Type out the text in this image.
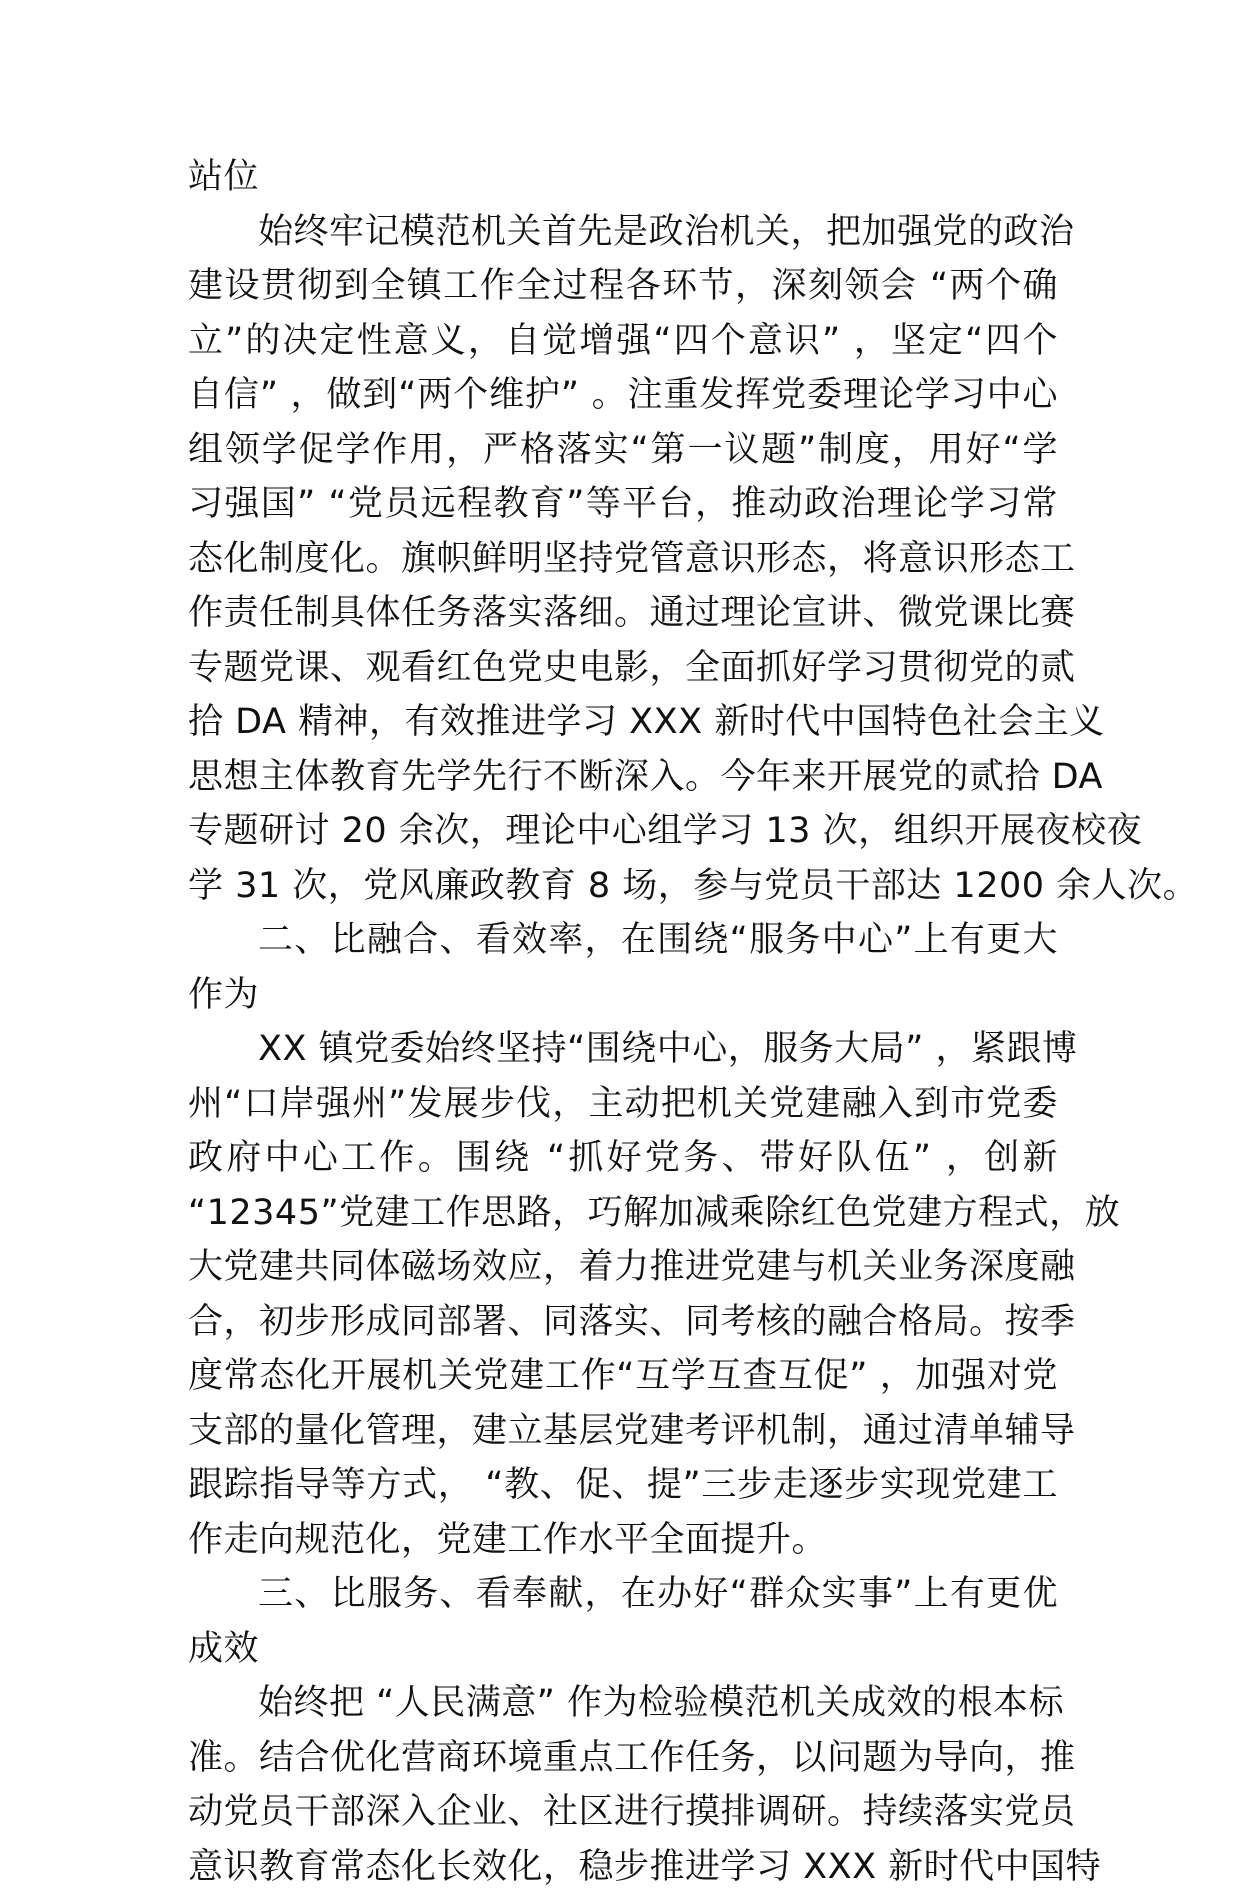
站位
始终牢记模范机关首先是政治机关，把加强党的政治
建设贯彻到全镇工作全过程各环节，深刻领会 “两个确
立”的决定性意义，自觉增强“四个意识” ，坚定“四个
自信” ，做到“两个维护” 。注重发挥党委理论学习中心
组领学促学作用，严格落实“第一议题”制度，用好“学
习强国” “党员远程教育”等平台，推动政治理论学习常
态化制度化。旗帜鲜明坚持党管意识形态，将意识形态工
作责任制具体任务落实落细。通过理论宣讲、微党课比赛
专题党课、观看红色党史电影，全面抓好学习贯彻党的贰
拾 DA 精神，有效推进学习 XXX 新时代中国特色社会主义
思想主体教育先学先行不断深入。今年来开展党的贰拾 DA
专题研讨 20 余次，理论中心组学习 13 次，组织开展夜校夜
学 31 次，党风廉政教育 8 场，参与党员干部达 1200 余人次。
二、比融合、看效率，在围绕“服务中心”上有更大
作为
XX 镇党委始终坚持“围绕中心，服务大局” ，紧跟博
州“口岸强州”发展步伐，主动把机关党建融入到市党委
政府中心工作。围绕 “抓好党务、带好队伍” ，创新
“12345”党建工作思路，巧解加减乘除红色党建方程式，放
大党建共同体磁场效应，着力推进党建与机关业务深度融
合，初步形成同部署、同落实、同考核的融合格局。按季
度常态化开展机关党建工作“互学互查互促” ，加强对党
支部的量化管理，建立基层党建考评机制，通过清单辅导
跟踪指导等方式， “教、促、提”三步走逐步实现党建工
作走向规范化，党建工作水平全面提升。
三、比服务、看奉献，在办好“群众实事”上有更优
成效
始终把 “人民满意” 作为检验模范机关成效的根本标
准。结合优化营商环境重点工作任务，以问题为导向，推
动党员干部深入企业、社区进行摸排调研。持续落实党员
意识教育常态化长效化，稳步推进学习 XXX 新时代中国特
